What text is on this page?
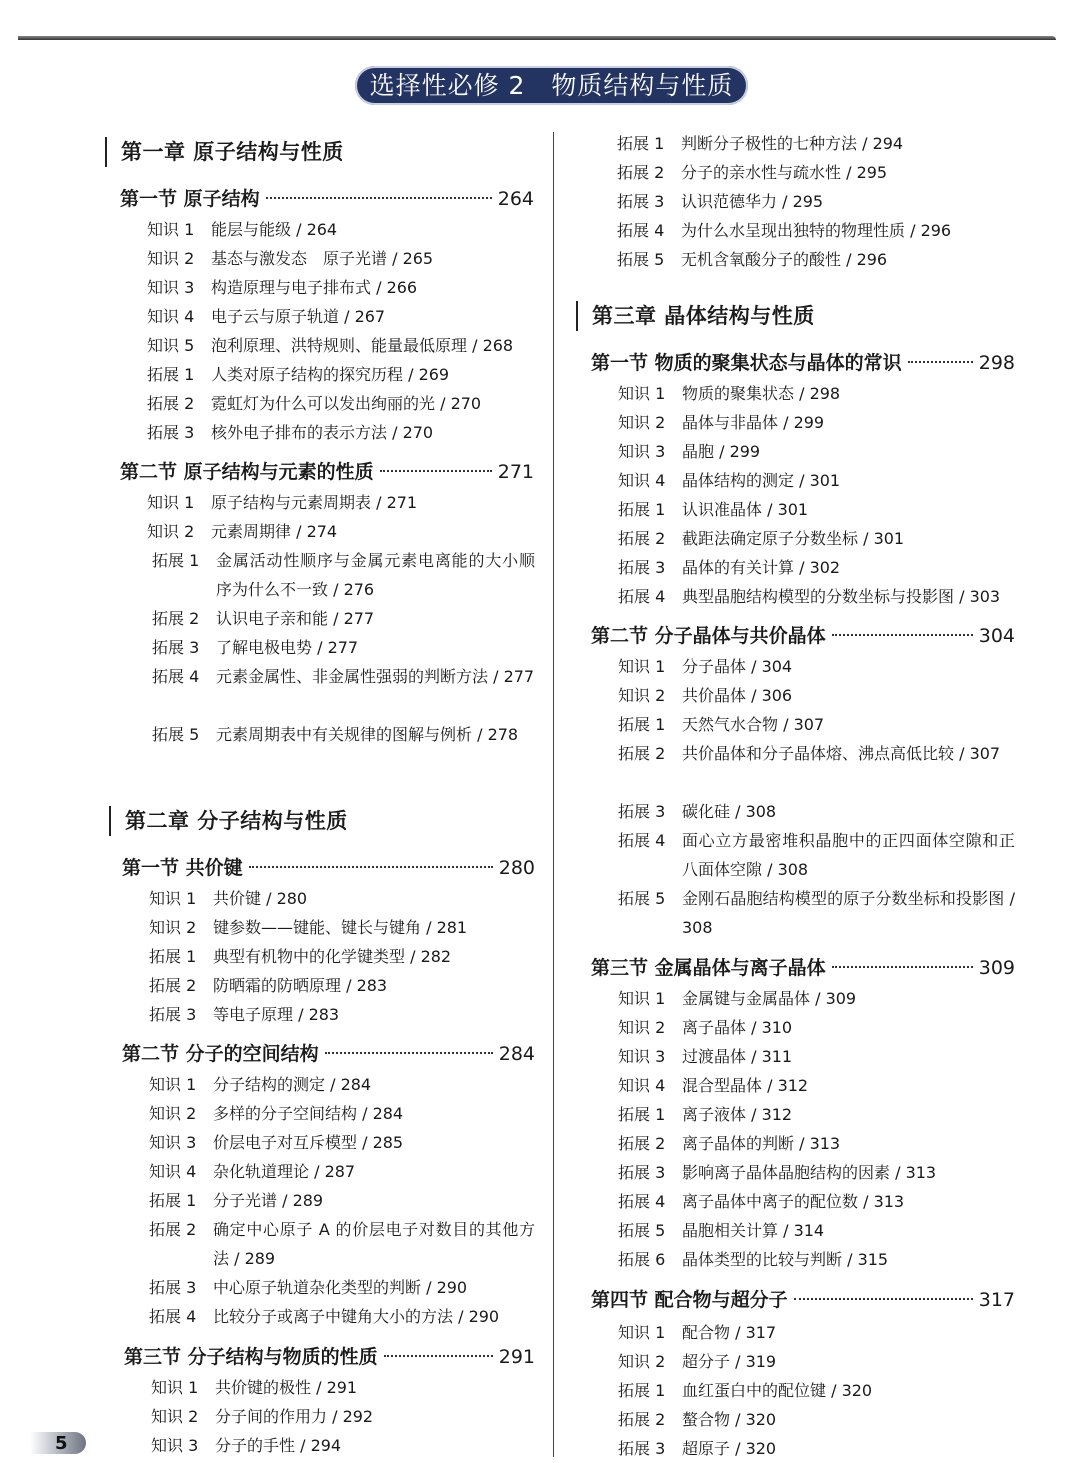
选择性必修 2　物质结构与性质
第一章 原子结构与性质
第一节 原子结构	264
知识 1 能层与能级 / 264
知识 2 基态与激发态　原子光谱 / 265
知识 3 构造原理与电子排布式 / 266
知识 4 电子云与原子轨道 / 267
知识 5 泡利原理、洪特规则、能量最低原理 / 268
拓展 1 人类对原子结构的探究历程 / 269
拓展 2 霓虹灯为什么可以发出绚丽的光 / 270
拓展 3 核外电子排布的表示方法 / 270
第二节 原子结构与元素的性质	271
知识 1 原子结构与元素周期表 / 271
知识 2 元素周期律 / 274
拓展 1	金属活动性顺序与金属元素电离能的大小顺序为什么不一致 / 276
拓展 2 认识电子亲和能 / 277
拓展 3 了解电极电势 / 277
拓展 4	元素金属性、非金属性强弱的判断方法 / 277
拓展 5	元素周期表中有关规律的图解与例析 / 278
第二章 分子结构与性质
第一节 共价键	280
知识 1 共价键 / 280
知识 2 键参数——键能、键长与键角 / 281
拓展 1 典型有机物中的化学键类型 / 282
拓展 2 防晒霜的防晒原理 / 283
拓展 3 等电子原理 / 283
第二节 分子的空间结构	284
知识 1 分子结构的测定 / 284
知识 2 多样的分子空间结构 / 284
知识 3 价层电子对互斥模型 / 285
知识 4 杂化轨道理论 / 287
拓展 1 分子光谱 / 289
拓展 2	确定中心原子 A 的价层电子对数目的其他方法 / 289
拓展 3 中心原子轨道杂化类型的判断 / 290
拓展 4 比较分子或离子中键角大小的方法 / 290
第三节 分子结构与物质的性质	291
知识 1 共价键的极性 / 291
知识 2 分子间的作用力 / 292
知识 3 分子的手性 / 294
拓展 1 判断分子极性的七种方法 / 294
拓展 2 分子的亲水性与疏水性 / 295
拓展 3 认识范德华力 / 295
拓展 4 为什么水呈现出独特的物理性质 / 296
拓展 5 无机含氧酸分子的酸性 / 296
第三章 晶体结构与性质
第一节 物质的聚集状态与晶体的常识	298
知识 1 物质的聚集状态 / 298
知识 2 晶体与非晶体 / 299
知识 3 晶胞 / 299
知识 4 晶体结构的测定 / 301
拓展 1 认识准晶体 / 301
拓展 2 截距法确定原子分数坐标 / 301
拓展 3 晶体的有关计算 / 302
拓展 4 典型晶胞结构模型的分数坐标与投影图 / 303
第二节 分子晶体与共价晶体	304
知识 1 分子晶体 / 304
知识 2 共价晶体 / 306
拓展 1 天然气水合物 / 307
拓展 2	共价晶体和分子晶体熔、沸点高低比较 / 307
拓展 3 碳化硅 / 308
拓展 4	面心立方最密堆积晶胞中的正四面体空隙和正八面体空隙 / 308
拓展 5	金刚石晶胞结构模型的原子分数坐标和投影图 / 308
第三节 金属晶体与离子晶体	309
知识 1 金属键与金属晶体 / 309
知识 2 离子晶体 / 310
知识 3 过渡晶体 / 311
知识 4 混合型晶体 / 312
拓展 1 离子液体 / 312
拓展 2 离子晶体的判断 / 313
拓展 3 影响离子晶体晶胞结构的因素 / 313
拓展 4 离子晶体中离子的配位数 / 313
拓展 5 晶胞相关计算 / 314
拓展 6 晶体类型的比较与判断 / 315
第四节 配合物与超分子	317
知识 1 配合物 / 317
知识 2 超分子 / 319
拓展 1 血红蛋白中的配位键 / 320
拓展 2 螯合物 / 320
拓展 3 超原子 / 320
5
